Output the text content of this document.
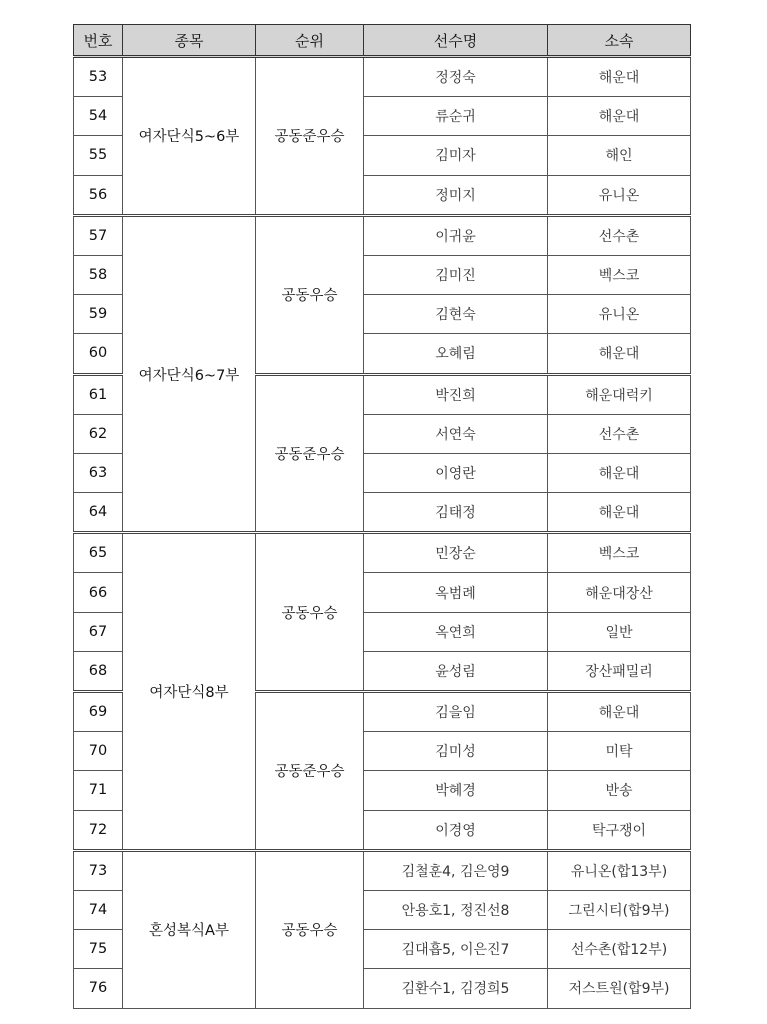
번호	종목	순위	선수명	소속
53	여자단식5~6부	공동준우승	정정숙	해운대
54			류순귀	해운대
55			김미자	해인
56			정미지	유니온
57	여자단식6~7부	공동우승	이귀윤	선수촌
58			김미진	벡스코
59			김현숙	유니온
60			오혜림	해운대
61		공동준우승	박진희	해운대럭키
62			서연숙	선수촌
63			이영란	해운대
64			김태정	해운대
65	여자단식8부	공동우승	민장순	벡스코
66			옥범례	해운대장산
67			옥연희	일반
68			윤성림	장산패밀리
69		공동준우승	김을임	해운대
70			김미성	미탁
71			박혜경	반송
72			이경영	탁구쟁이
73	혼성복식A부	공동우승	김철훈4, 김은영9	유니온(합13부)
74			안용호1, 정진선8	그린시티(합9부)
75			김대흡5, 이은진7	선수촌(합12부)
76			김환수1, 김경희5	저스트원(합9부)
